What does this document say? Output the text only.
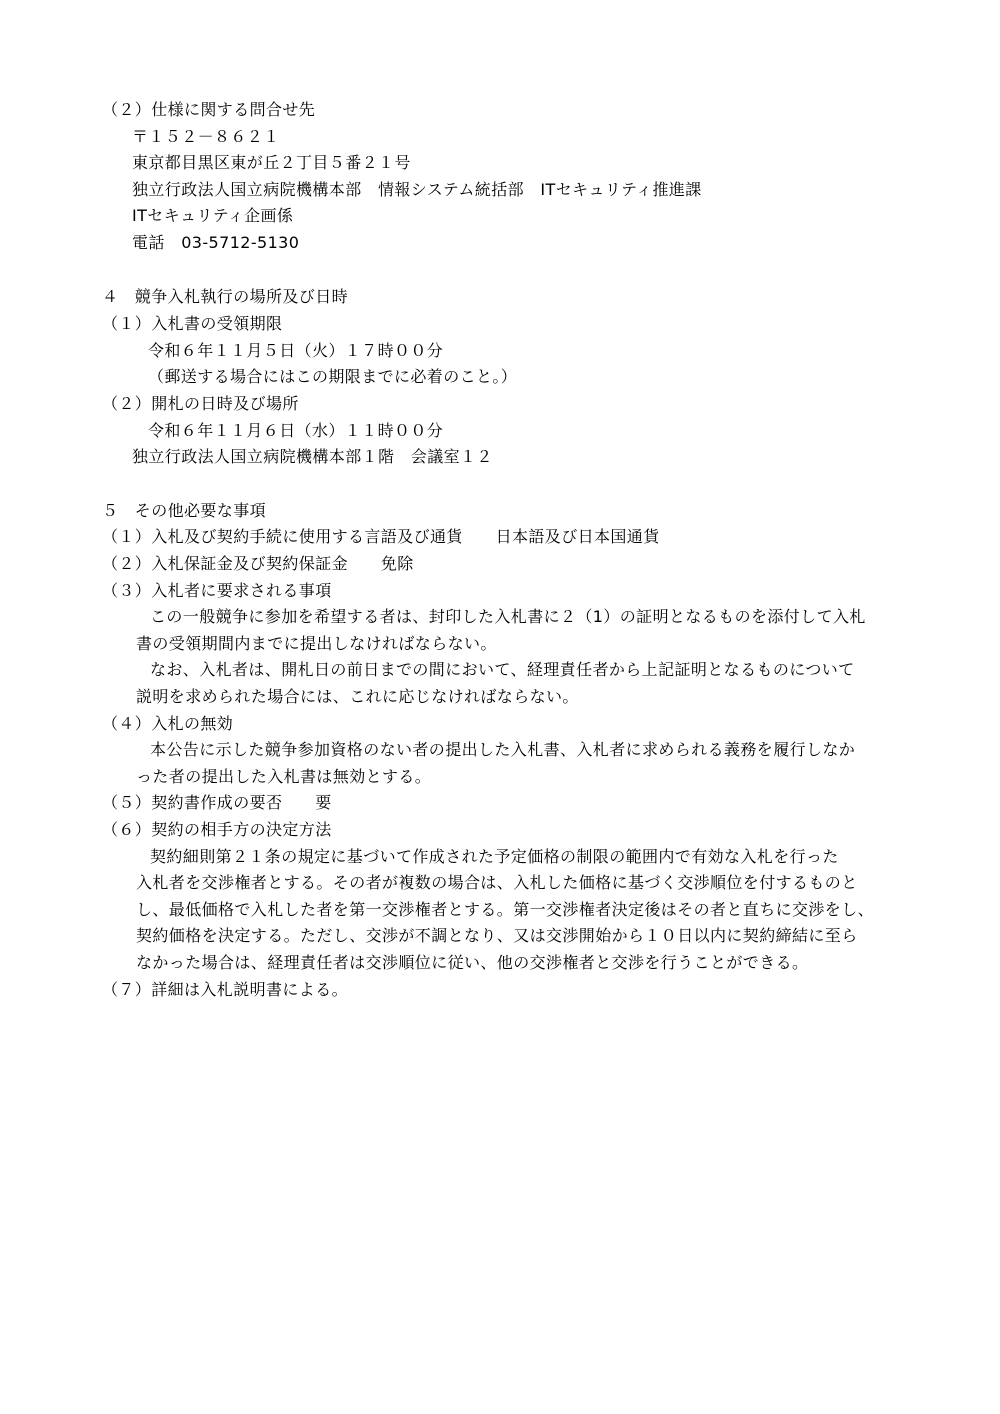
（２）仕様に関する問合せ先
〒１５２－８６２１
東京都目黒区東が丘２丁目５番２１号
独立行政法人国立病院機構本部　情報システム統括部　ITセキュリティ推進課
ITセキュリティ企画係
電話　03-5712-5130
４　競争入札執行の場所及び日時
（１）入札書の受領期限
令和６年１１月５日（火）１７時００分
（郵送する場合にはこの期限までに必着のこと。）
（２）開札の日時及び場所
令和６年１１月６日（水）１１時００分
独立行政法人国立病院機構本部１階　会議室１２
５　その他必要な事項
（１）入札及び契約手続に使用する言語及び通貨　　日本語及び日本国通貨
（２）入札保証金及び契約保証金　　免除
（３）入札者に要求される事項
この一般競争に参加を希望する者は、封印した入札書に２（1）の証明となるものを添付して入札
書の受領期間内までに提出しなければならない。
なお、入札者は、開札日の前日までの間において、経理責任者から上記証明となるものについて
説明を求められた場合には、これに応じなければならない。
（４）入札の無効
本公告に示した競争参加資格のない者の提出した入札書、入札者に求められる義務を履行しなか
った者の提出した入札書は無効とする。
（５）契約書作成の要否　　要
（６）契約の相手方の決定方法
契約細則第２１条の規定に基づいて作成された予定価格の制限の範囲内で有効な入札を行った
入札者を交渉権者とする。その者が複数の場合は、入札した価格に基づく交渉順位を付するものと
し、最低価格で入札した者を第一交渉権者とする。第一交渉権者決定後はその者と直ちに交渉をし、
契約価格を決定する。ただし、交渉が不調となり、又は交渉開始から１０日以内に契約締結に至ら
なかった場合は、経理責任者は交渉順位に従い、他の交渉権者と交渉を行うことができる。
（７）詳細は入札説明書による。
